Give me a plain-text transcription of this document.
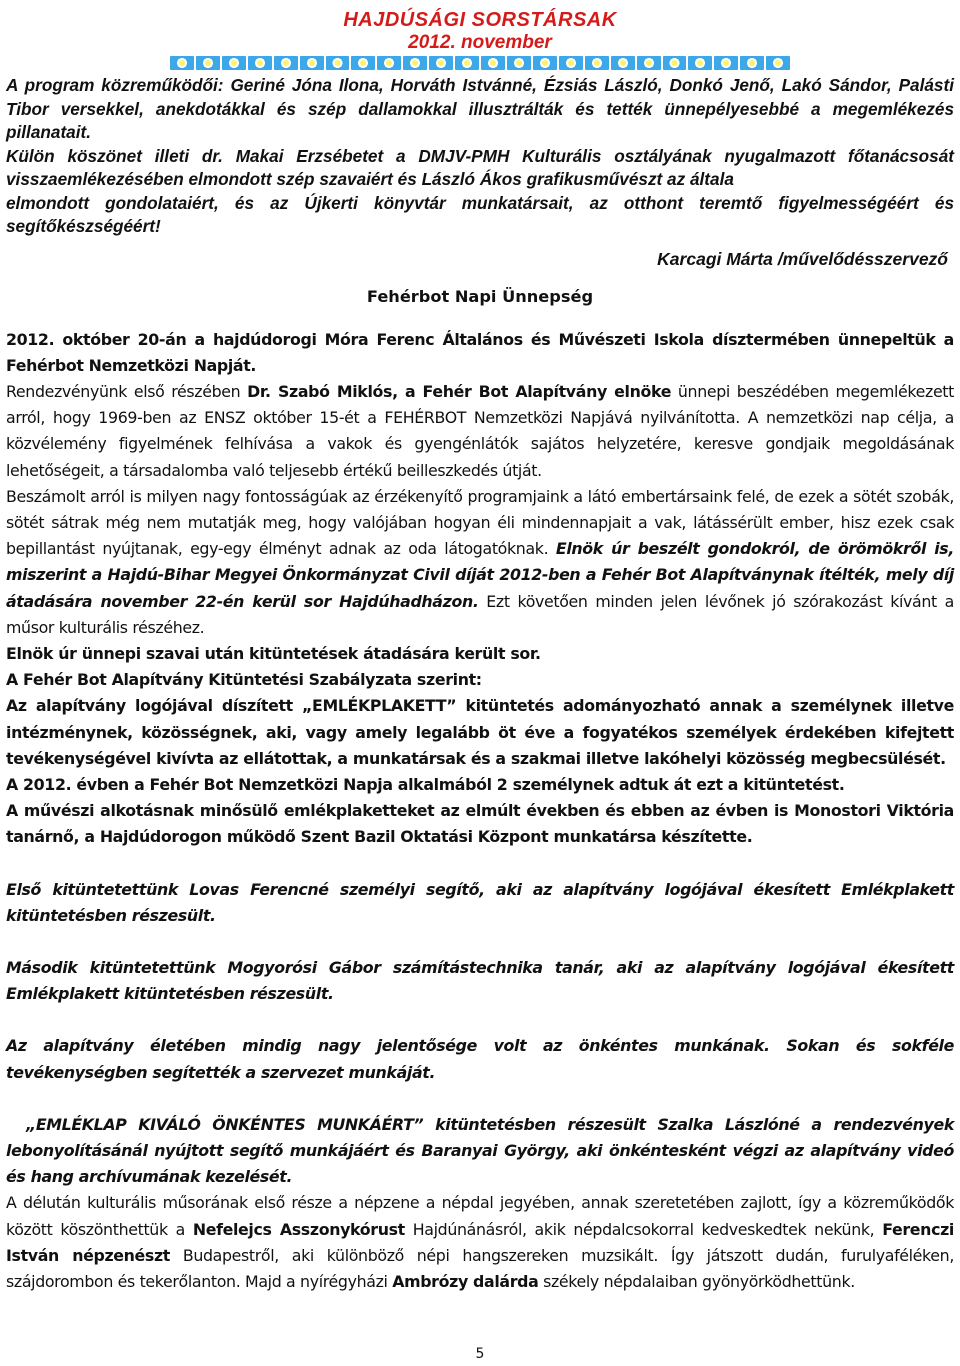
HAJDÚSÁGI SORSTÁRSAK
2012. november

A program közreműködői: Geriné Jóna Ilona, Horváth Istvánné, Ézsiás László, Donkó Jenő, Lakó Sándor, Palásti Tibor versekkel, anekdotákkal és szép dallamokkal illusztrálták és tették ünnepélyesebbé a megemlékezés pillanatait.

Külön köszönet illeti dr. Makai Erzsébetet a DMJV-PMH Kulturális osztályának nyugalmazott főtanácsosát visszaemlékezésében elmondott szép szavaiért és László Ákos grafikusművészt az általa

elmondott gondolataiért, és az Újkerti könyvtár munkatársait, az otthont teremtő figyelmességéért és segítőkészségéért!

Karcagi Márta /művelődésszervező
Fehérbot Napi Ünnepség

2012. október 20-án a hajdúdorogi Móra Ferenc Általános és Művészeti Iskola dísztermében ünnepeltük a Fehérbot Nemzetközi Napját.

Rendezvényünk első részében Dr. Szabó Miklós, a Fehér Bot Alapítvány elnöke ünnepi beszédében megemlékezett arról, hogy 1969-ben az ENSZ október 15-ét a FEHÉRBOT Nemzetközi Napjává nyilvánította. A nemzetközi nap célja, a közvélemény figyelmének felhívása a vakok és gyengénlátók sajátos helyzetére, keresve gondjaik megoldásának lehetőségeit, a társadalomba való teljesebb értékű beilleszkedés útját.

Beszámolt arról is milyen nagy fontosságúak az érzékenyítő programjaink a látó embertársaink felé, de ezek a sötét szobák, sötét sátrak még nem mutatják meg, hogy valójában hogyan éli mindennapjait a vak, látássérült ember, hisz ezek csak bepillantást nyújtanak, egy-egy élményt adnak az oda látogatóknak. Elnök úr beszélt gondokról, de örömökről is, miszerint a Hajdú-Bihar Megyei Önkormányzat Civil díját 2012-ben a Fehér Bot Alapítványnak ítélték, mely díj átadására november 22-én kerül sor Hajdúhadházon. Ezt követően minden jelen lévőnek jó szórakozást kívánt a műsor kulturális részéhez.

Elnök úr ünnepi szavai után kitüntetések átadására került sor.

A Fehér Bot Alapítvány Kitüntetési Szabályzata szerint:

Az alapítvány logójával díszített „EMLÉKPLAKETT” kitüntetés adományozható annak a személynek illetve intézménynek, közösségnek, aki, vagy amely legalább öt éve a fogyatékos személyek érdekében kifejtett tevékenységével kivívta az ellátottak, a munkatársak és a szakmai illetve lakóhelyi közösség megbecsülését.

A 2012. évben a Fehér Bot Nemzetközi Napja alkalmából 2 személynek adtuk át ezt a kitüntetést.

A művészi alkotásnak minősülő emlékplaketteket az elmúlt években és ebben az évben is Monostori Viktória tanárnő, a Hajdúdorogon működő Szent Bazil Oktatási Központ munkatársa készítette.

Első kitüntetettünk Lovas Ferencné személyi segítő, aki az alapítvány logójával ékesített Emlékplakett kitüntetésben részesült.

Második kitüntetettünk Mogyorósi Gábor számítástechnika tanár, aki az alapítvány logójával ékesített Emlékplakett kitüntetésben részesült.

Az alapítvány életében mindig nagy jelentősége volt az önkéntes munkának. Sokan és sokféle tevékenységben segítették a szervezet munkáját.

„EMLÉKLAP KIVÁLÓ ÖNKÉNTES MUNKÁÉRT” kitüntetésben részesült Szalka Lászlóné a rendezvények lebonyolításánál nyújtott segítő munkájáért és Baranyai György, aki önkéntesként végzi az alapítvány videó és hang archívumának kezelését.

A délután kulturális műsorának első része a népzene a népdal jegyében, annak szeretetében zajlott, így a közreműködők között köszönthettük a Nefelejcs Asszonykórust Hajdúnánásról, akik népdalcsokorral kedveskedtek nekünk, Ferenczi István népzenészt Budapestről, aki különböző népi hangszereken muzsikált. Így játszott dudán, furulyaféléken, szájdorombon és tekerőlanton. Majd a nyírégyházi Ambrózy dalárda székely népdalaiban gyönyörködhettünk.

5
